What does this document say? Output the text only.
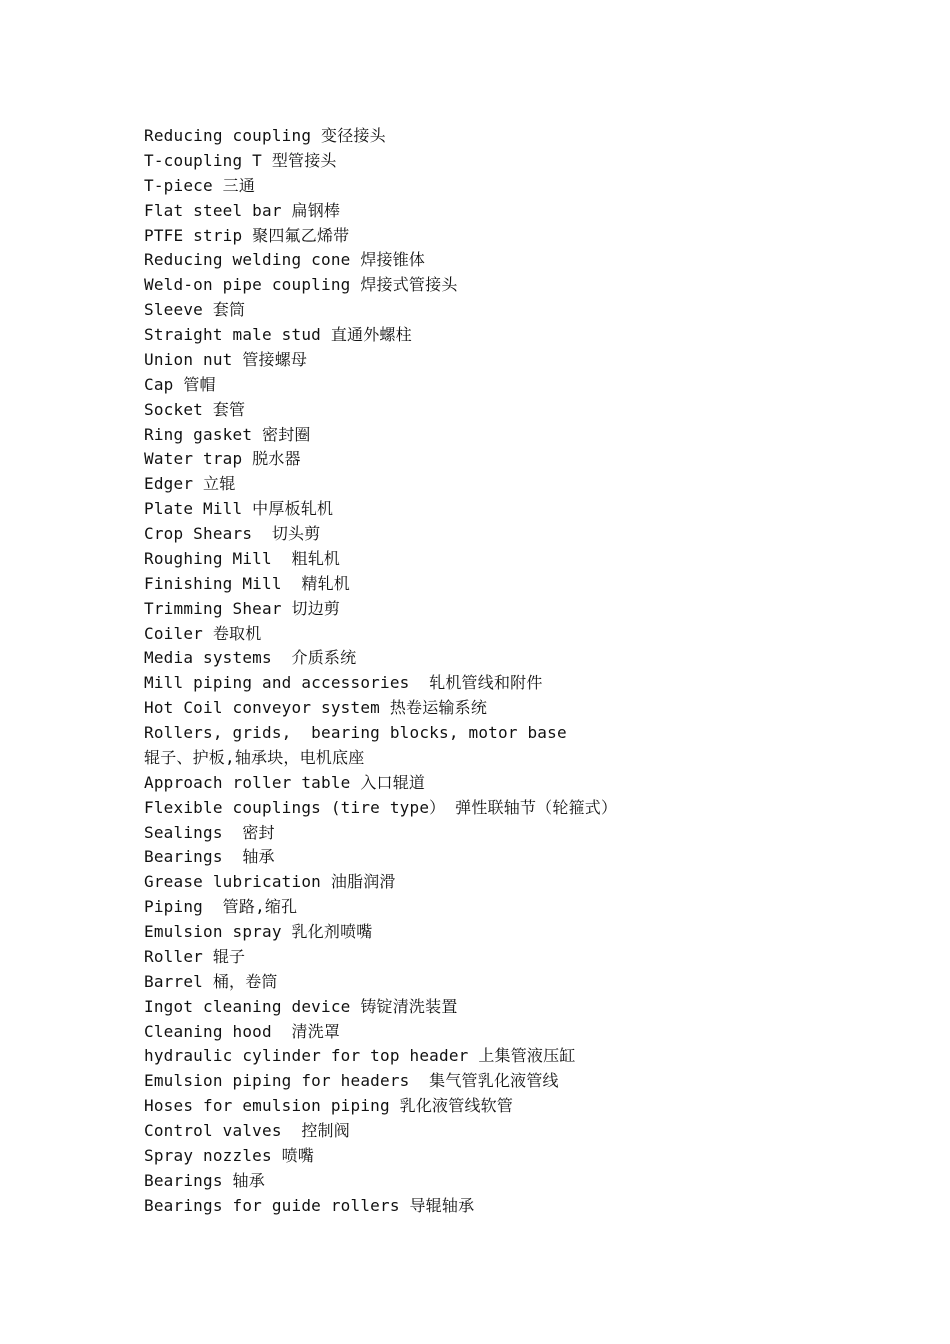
Reducing coupling 变径接头
T-coupling T 型管接头
T-piece 三通
Flat steel bar 扁钢棒
PTFE strip 聚四氟乙烯带
Reducing welding cone 焊接锥体
Weld-on pipe coupling 焊接式管接头
Sleeve 套筒
Straight male stud 直通外螺柱
Union nut 管接螺母
Cap 管帽
Socket 套管
Ring gasket 密封圈
Water trap 脱水器
Edger 立辊
Plate Mill 中厚板轧机
Crop Shears  切头剪
Roughing Mill  粗轧机
Finishing Mill  精轧机
Trimming Shear 切边剪
Coiler 卷取机
Media systems  介质系统
Mill piping and accessories  轧机管线和附件
Hot Coil conveyor system 热卷运输系统
Rollers, grids,  bearing blocks, motor base
辊子、护板,轴承块，电机底座
Approach roller table 入口辊道
Flexible couplings (tire type） 弹性联轴节（轮箍式）
Sealings  密封
Bearings  轴承
Grease lubrication 油脂润滑
Piping  管路,缩孔
Emulsion spray 乳化剂喷嘴
Roller 辊子
Barrel 桶，卷筒
Ingot cleaning device 铸锭清洗装置
Cleaning hood  清洗罩
hydraulic cylinder for top header 上集管液压缸
Emulsion piping for headers  集气管乳化液管线
Hoses for emulsion piping 乳化液管线软管
Control valves  控制阀
Spray nozzles 喷嘴
Bearings 轴承
Bearings for guide rollers 导辊轴承
